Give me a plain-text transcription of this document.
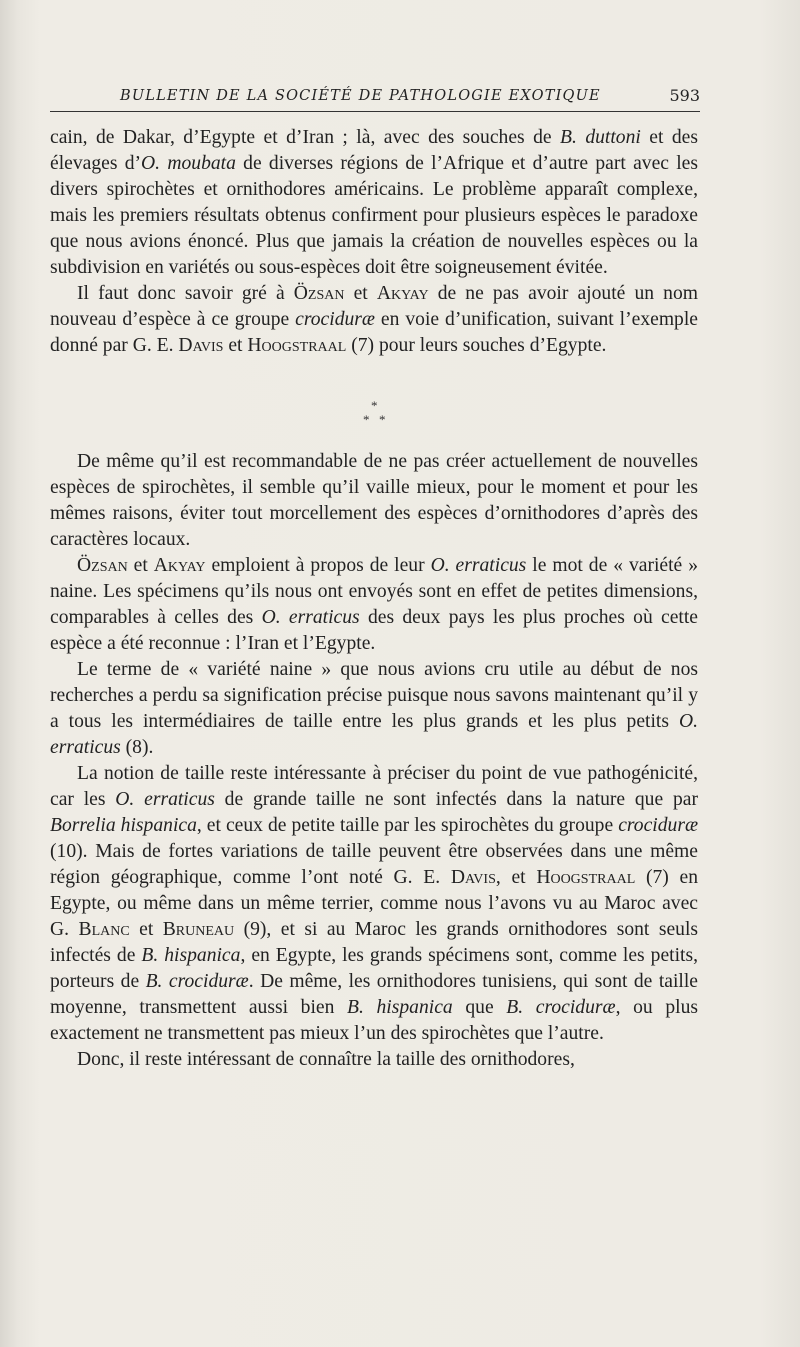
BULLETIN DE LA SOCIÉTÉ DE PATHOLOGIE EXOTIQUE	593

cain, de Dakar, d’Egypte et d’Iran ; là, avec des souches de B. duttoni et des élevages d’O. moubata de diverses régions de l’Afrique et d’autre part avec les divers spirochètes et ornithodores américains. Le problème apparaît complexe, mais les premiers résultats obtenus confirment pour plusieurs espèces le paradoxe que nous avions énoncé. Plus que jamais la création de nouvelles espèces ou la subdivision en variétés ou sous-espèces doit être soigneusement évitée.

Il faut donc savoir gré à Özsan et Akyay de ne pas avoir ajouté un nom nouveau d’espèce à ce groupe crociduræ en voie d’unification, suivant l’exemple donné par G. E. Davis et Hoogstraal (7) pour leurs souches d’Egypte.

*
* *

De même qu’il est recommandable de ne pas créer actuellement de nouvelles espèces de spirochètes, il semble qu’il vaille mieux, pour le moment et pour les mêmes raisons, éviter tout morcellement des espèces d’ornithodores d’après des caractères locaux.

Özsan et Akyay emploient à propos de leur O. erraticus le mot de « variété » naine. Les spécimens qu’ils nous ont envoyés sont en effet de petites dimensions, comparables à celles des O. erraticus des deux pays les plus proches où cette espèce a été reconnue : l’Iran et l’Egypte.

Le terme de « variété naine » que nous avions cru utile au début de nos recherches a perdu sa signification précise puisque nous savons maintenant qu’il y a tous les intermédiaires de taille entre les plus grands et les plus petits O. erraticus (8).

La notion de taille reste intéressante à préciser du point de vue pathogénicité, car les O. erraticus de grande taille ne sont infectés dans la nature que par Borrelia hispanica, et ceux de petite taille par les spirochètes du groupe crociduræ (10). Mais de fortes variations de taille peuvent être observées dans une même région géographique, comme l’ont noté G. E. Davis, et Hoogstraal (7) en Egypte, ou même dans un même terrier, comme nous l’avons vu au Maroc avec G. Blanc et Bruneau (9), et si au Maroc les grands ornithodores sont seuls infectés de B. hispanica, en Egypte, les grands spécimens sont, comme les petits, porteurs de B. crociduræ. De même, les ornithodores tunisiens, qui sont de taille moyenne, transmettent aussi bien B. hispanica que B. crociduræ, ou plus exactement ne transmettent pas mieux l’un des spirochètes que l’autre.

Donc, il reste intéressant de connaître la taille des ornithodores,
